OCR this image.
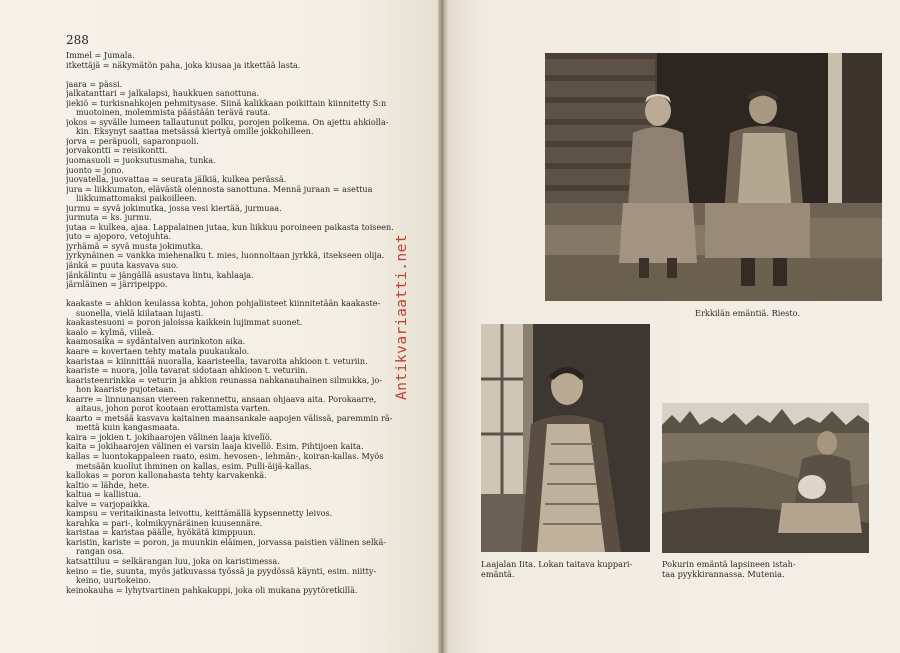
288
Immel = Jumala.
itkettäjä = näkymätön paha, joka kiusaa ja itkettää lasta.
jaara = pässi.
jalkatanttari = jalkalapsi, haukkuen sanottuna.
jiekiö = turkisnahkojen pehmitysase. Siinä kalikkaan poikittain kiinnitetty S:n
muotoinen, molemmista päästään terävä rauta.
jokos = syvälle lumeen tallautunut polku, porojen polkema. On ajettu ahkiolla-
kin. Eksynyt saattaa metsässä kiertyä omille jokkohilleen.
jorva = peräpuoli, saparonpuoli.
jorvakontti = reisikontti.
juomasuoli = juoksutusmaha, tunka.
juonto = jono.
juovatella, juovattaa = seurata jälkiä, kulkea perässä.
jura = liikkumaton, elävästä olennosta sanottuna. Mennä juraan = asettua
liikkumattomaksi paikoilleen.
jurmu = syvä jokimutka, jossa vesi kiertää, jurmuaa.
jurmuta = ks. jurmu.
jutaa = kulkea, ajaa. Lappalainen jutaa, kun liikkuu poroineen paikasta toiseen.
juto = ajoporo, vetojuhta.
jyrhämä = syvä musta jokimutka.
jyrkynäinen = vankka miehenalku t. mies, luonnoltaan jyrkkä, itsekseen olija.
jänkä = puuta kasvava suo.
jänkälintu = jängällä asustava lintu, kahlaaja.
järnläinen = järripeippo.
kaakaste = ahkion keulassa kohta, johon pohjaliisteet kiinnitetään kaakaste-
suonella, vielä kiilataan lujasti.
kaakastesuoni = poron jaloissa kaikkein lujimmat suonet.
kaalo = kylmä, viileä.
kaamosaika = sydäntalven aurinkoton aika.
kaare = kovertaen tehty matala puukaukalo.
kaaristaa = kiinnittää nuoralla, kaaristeella, tavaroita ahkioon t. veturiin.
kaariste = nuora, jolla tavarat sidotaan ahkioon t. veturiin.
kaaristeenrinkka = veturin ja ahkion reunassa nahkanauhainen silmukka, jo-
hon kaariste pujotetaan.
kaarre = linnunansan viereen rakennettu, ansaan ohjaava aita. Porokaarre,
aitaus, johon porot kootaan erottamista varten.
kaarto = metsää kasvava kaitainen maansankale aapojen välissä, paremmin rä-
mettä kuin kangasmaata.
kaira = jokien t. jokihaarojen välinen laaja kivelïö.
kaita = jokihaarojen välinen ei varsin laaja kivelïö. Esim. Pihtijoen kaita.
kallas = luontokappaleen raato, esim. hevosen-, lehmän-, koiran-kallas. Myös
metsään kuollut ihminen on kallas, esim. Pulli-äijä-kallas.
kallokas = poron kallonahasta tehty karvakenkä.
kaltio = lähde, hete.
kaltua = kallistua.
kalve = varjopaikka.
kampsu = veritaikinasta leivottu, keittämällä kypsennetty leivos.
karahka = pari-, kolmikyynäräinen kuusennäre.
karistaa = karistaa päälle, hyökätä kimppuun.
karistin, kariste = poron, ja muunkin eläimen, jorvassa paistien välinen selkä-
rangan osa.
katsattiluu = selkärangan luu, joka on karistimessa.
keino = tie, suunta, myös jatkuvassa työssä ja pyydössä käynti, esim. niitty-
keino, uurtokeino.
keinokauha = lyhytvartinen pahkakuppi, joka oli mukana pyytöretkillä.
Antikvariaatti.net	Erkkilän emäntiä. Riesto.
Laajalan Iita. Lokan taitava kuppari-
emäntä.
Pokurin emäntä lapsineen istah-
taa pyykkirannassa. Mutenia.
